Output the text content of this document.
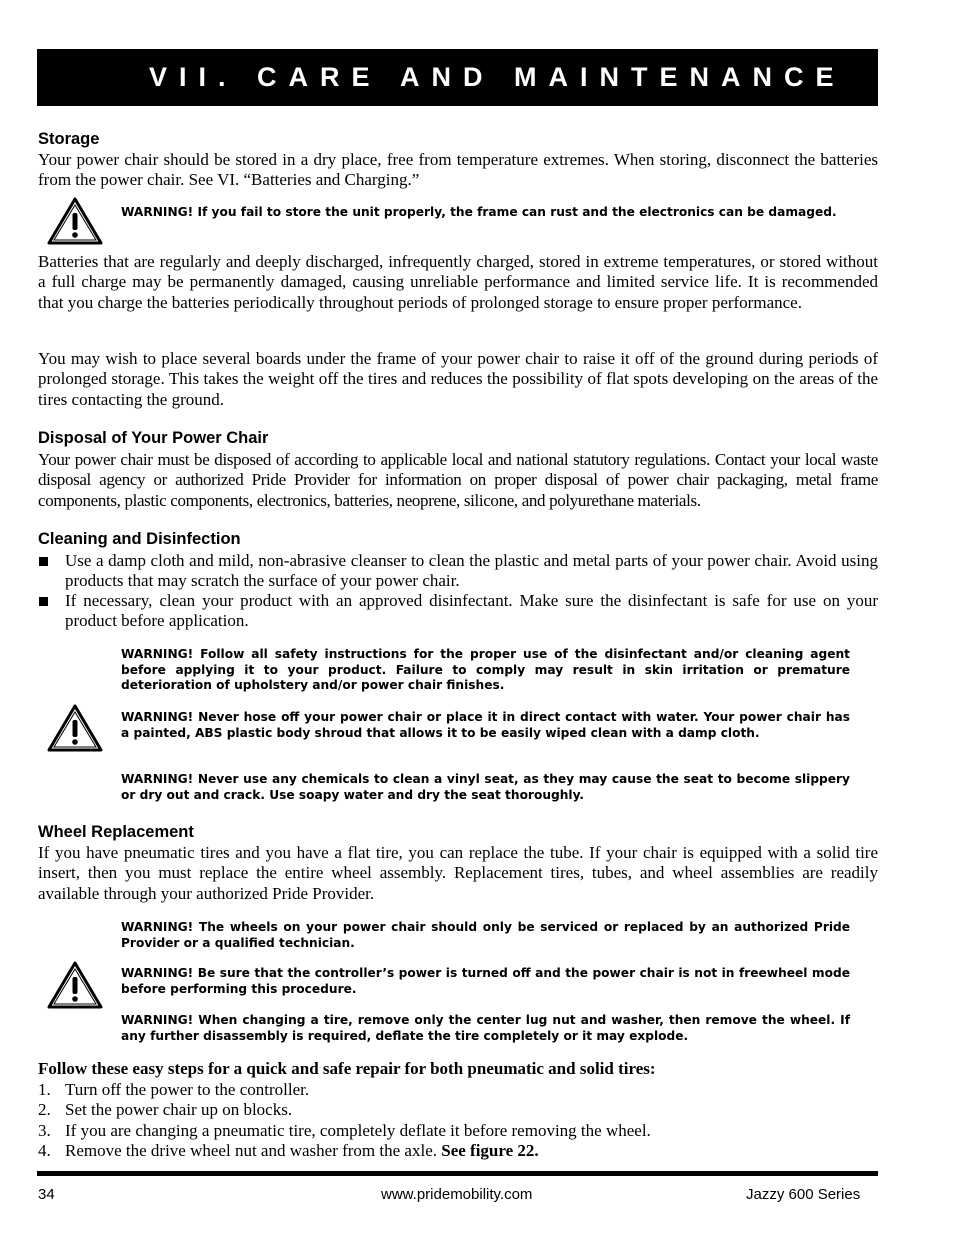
VII. CARE AND MAINTENANCE
Storage
Your power chair should be stored in a dry place, free from temperature extremes. When storing, disconnect the batteries from the power chair. See VI. “Batteries and Charging.”
WARNING! If you fail to store the unit properly, the frame can rust and the electronics can be damaged.
Batteries that are regularly and deeply discharged, infrequently charged, stored in extreme temperatures, or stored without a full charge may be permanently damaged, causing unreliable performance and limited service life. It is recommended that you charge the batteries periodically throughout periods of prolonged storage to ensure proper performance.
You may wish to place several boards under the frame of your power chair to raise it off of the ground during periods of prolonged storage. This takes the weight off the tires and reduces the possibility of flat spots developing on the areas of the tires contacting the ground.
Disposal of Your Power Chair
Your power chair must be disposed of according to applicable local and national statutory regulations. Contact your local waste disposal agency or authorized Pride Provider for information on proper disposal of power chair packaging, metal frame components, plastic components, electronics, batteries, neoprene, silicone, and polyurethane materials.
Cleaning and Disinfection
Use a damp cloth and mild, non-abrasive cleanser to clean the plastic and metal parts of your power chair. Avoid using products that may scratch the surface of your power chair.
If necessary, clean your product with an approved disinfectant. Make sure the disinfectant is safe for use on your product before application.
WARNING! Follow all safety instructions for the proper use of the disinfectant and/or cleaning agent before applying it to your product. Failure to comply may result in skin irritation or premature deterioration of upholstery and/or power chair finishes.
WARNING! Never hose off your power chair or place it in direct contact with water. Your power chair has a painted, ABS plastic body shroud that allows it to be easily wiped clean with a damp cloth.
WARNING! Never use any chemicals to clean a vinyl seat, as they may cause the seat to become slippery or dry out and crack. Use soapy water and dry the seat thoroughly.
Wheel Replacement
If you have pneumatic tires and you have a flat tire, you can replace the tube. If your chair is equipped with a solid tire insert, then you must replace the entire wheel assembly. Replacement tires, tubes, and wheel assemblies are readily available through your authorized Pride Provider.
WARNING! The wheels on your power chair should only be serviced or replaced by an authorized Pride Provider or a qualified technician.
WARNING! Be sure that the controller’s power is turned off and the power chair is not in freewheel mode before performing this procedure.
WARNING! When changing a tire, remove only the center lug nut and washer, then remove the wheel. If any further disassembly is required, deflate the tire completely or it may explode.
Follow these easy steps for a quick and safe repair for both pneumatic and solid tires:
1. Turn off the power to the controller.
2. Set the power chair up on blocks.
3. If you are changing a pneumatic tire, completely deflate it before removing the wheel.
4. Remove the drive wheel nut and washer from the axle. See figure 22.
34	www.pridemobility.com	Jazzy 600 Series
